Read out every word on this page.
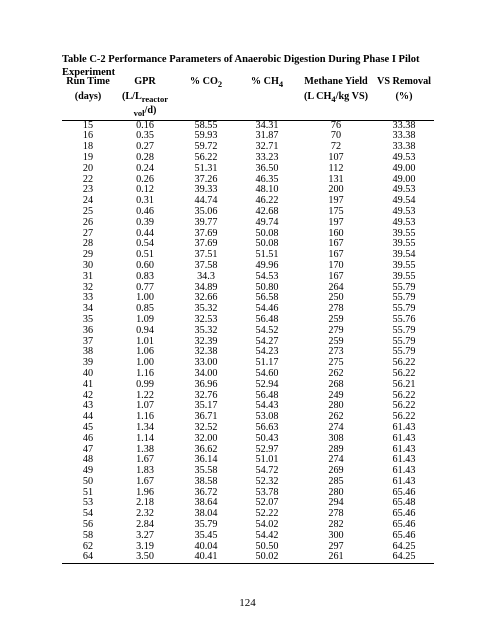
Table C-2 Performance Parameters of Anaerobic Digestion During Phase I Pilot Experiment
Run Time	GPR	% $CO_2$	% $CH_4$	Methane Yield	VS Removal
(days)	$(L/L_{reactor vol}/d)$			(L $CH_4/kg$ VS)	(%)
15	0.16	58.55	34.31	76	33.38
16	0.35	59.93	31.87	70	33.38
18	0.27	59.72	32.71	72	33.38
19	0.28	56.22	33.23	107	49.53
20	0.24	51.31	36.50	112	49.00
22	0.26	37.26	46.35	131	49.00
23	0.12	39.33	48.10	200	49.53
24	0.31	44.74	46.22	197	49.54
25	0.46	35.06	42.68	175	49.53
26	0.39	39.77	49.74	197	49.53
27	0.44	37.69	50.08	160	39.55
28	0.54	37.69	50.08	167	39.55
29	0.51	37.51	51.51	167	39.54
30	0.60	37.58	49.96	170	39.55
31	0.83	34.3	54.53	167	39.55
32	0.77	34.89	50.80	264	55.79
33	1.00	32.66	56.58	250	55.79
34	0.85	35.32	54.46	278	55.79
35	1.09	32.53	56.48	259	55.76
36	0.94	35.32	54.52	279	55.79
37	1.01	32.39	54.27	259	55.79
38	1.06	32.38	54.23	273	55.79
39	1.00	33.00	51.17	275	56.22
40	1.16	34.00	54.60	262	56.22
41	0.99	36.96	52.94	268	56.21
42	1.22	32.76	56.48	249	56.22
43	1.07	35.17	54.43	280	56.22
44	1.16	36.71	53.08	262	56.22
45	1.34	32.52	56.63	274	61.43
46	1.14	32.00	50.43	308	61.43
47	1.38	36.62	52.97	289	61.43
48	1.67	36.14	51.01	274	61.43
49	1.83	35.58	54.72	269	61.43
50	1.67	38.58	52.32	285	61.43
51	1.96	36.72	53.78	280	65.46
53	2.18	38.64	52.07	294	65.48
54	2.32	38.04	52.22	278	65.46
56	2.84	35.79	54.02	282	65.46
58	3.27	35.45	54.42	300	65.46
62	3.19	40.04	50.50	297	64.25
64	3.50	40.41	50.02	261	64.25
124
